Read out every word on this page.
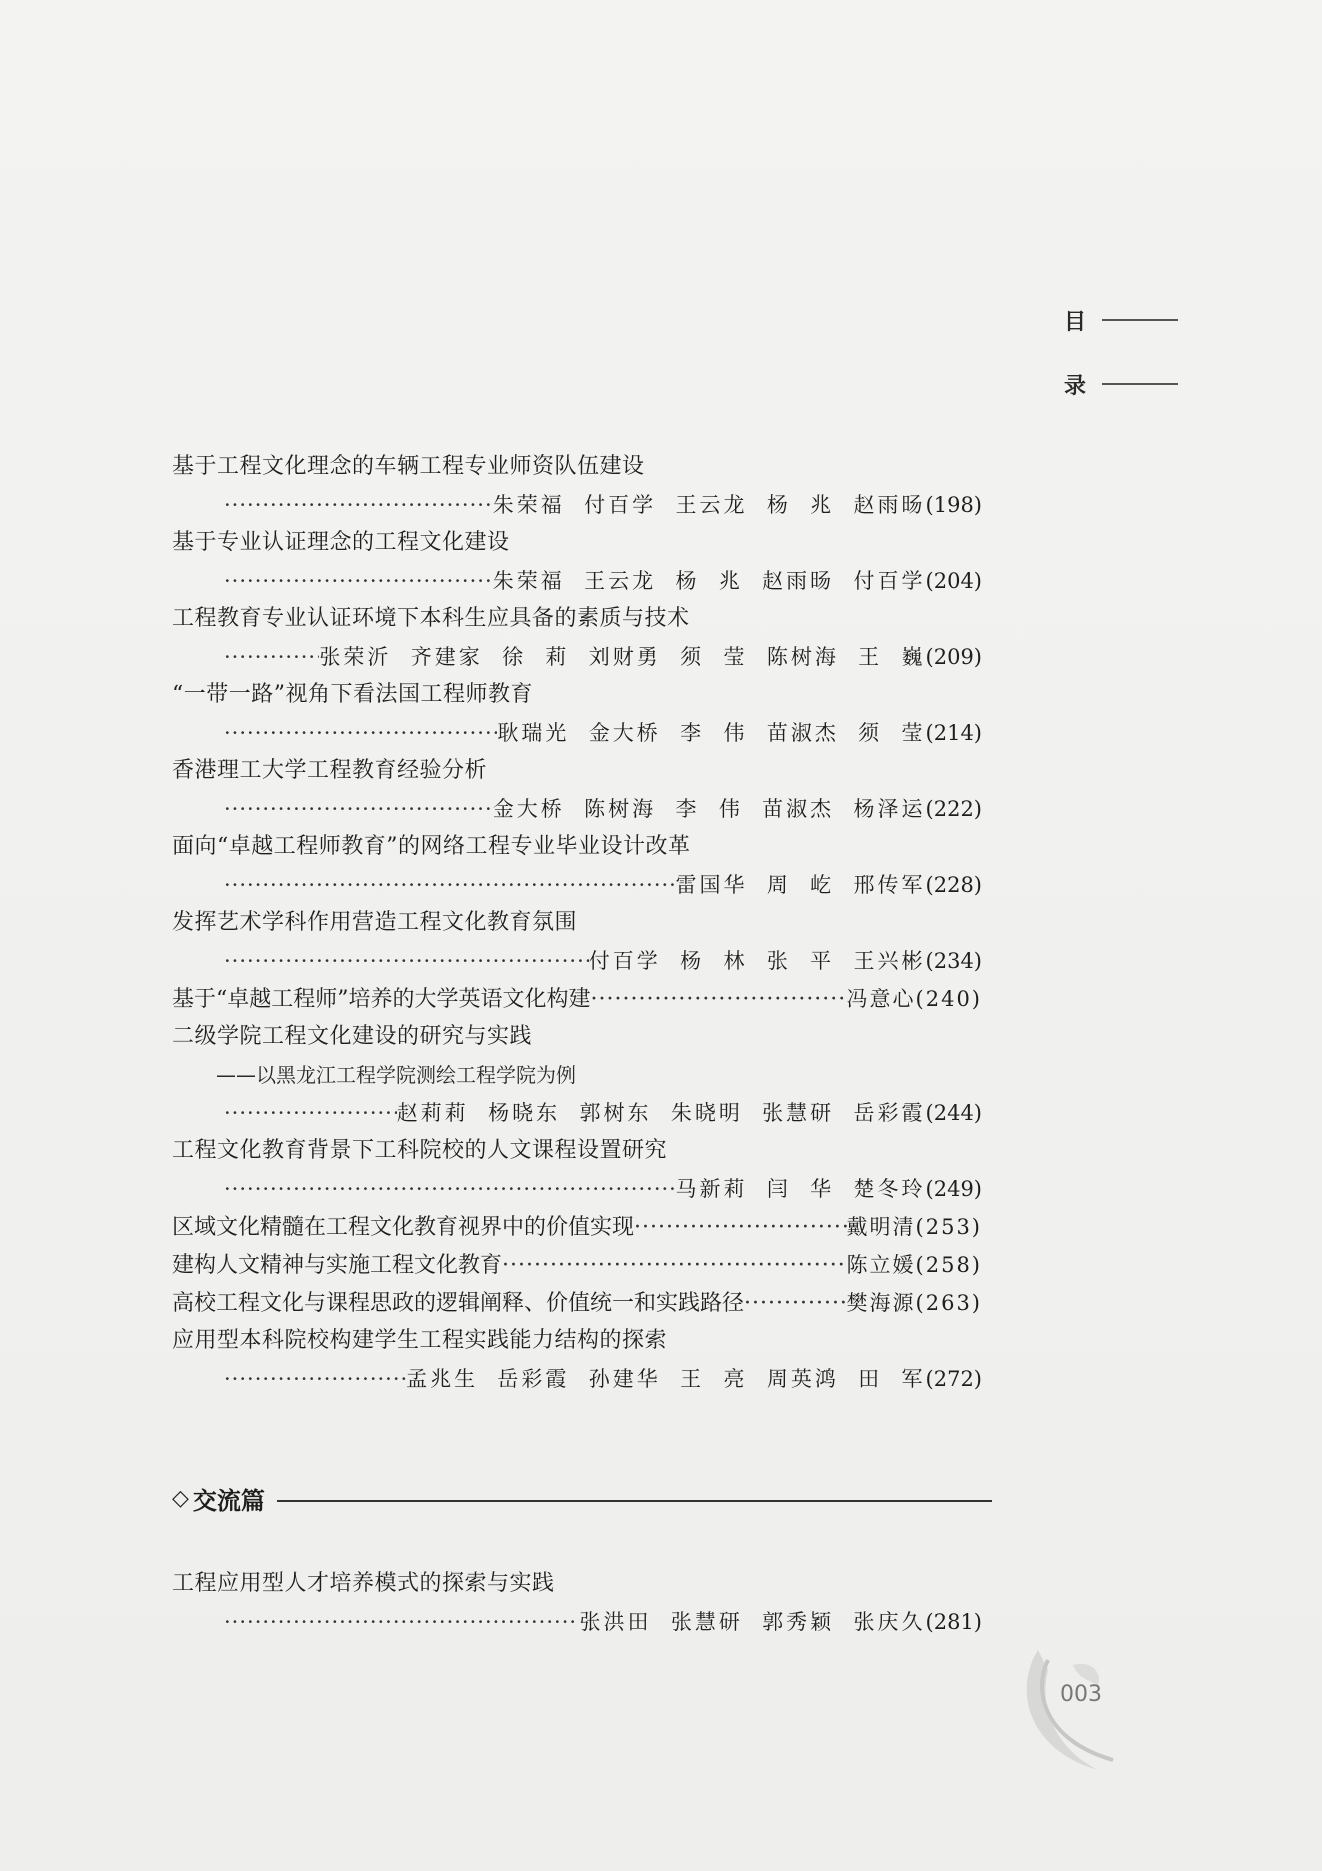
目
录
基于工程文化理念的车辆工程专业师资队伍建设
·····
朱荣福  付百学  王云龙  杨  兆  赵雨旸 (198)
基于专业认证理念的工程文化建设
·····
朱荣福  王云龙  杨  兆  赵雨旸  付百学 (204)
工程教育专业认证环境下本科生应具备的素质与技术
·····
张荣沂  齐建家  徐  莉  刘财勇  须  莹  陈树海  王  巍 (209)
“一带一路”视角下看法国工程师教育
·····
耿瑞光  金大桥  李  伟  苗淑杰  须  莹 (214)
香港理工大学工程教育经验分析
·····
金大桥  陈树海  李  伟  苗淑杰  杨泽运 (222)
面向“卓越工程师教育”的网络工程专业毕业设计改革
·····
雷国华  周  屹  邢传军 (228)
发挥艺术学科作用营造工程文化教育氛围
·····
付百学  杨  林  张  平  王兴彬 (234)
基于“卓越工程师”培养的大学英语文化构建 ·····	冯意心 (240)
二级学院工程文化建设的研究与实践
——以黑龙江工程学院测绘工程学院为例
·····
赵莉莉  杨晓东  郭树东  朱晓明  张慧研  岳彩霞 (244)
工程文化教育背景下工科院校的人文课程设置研究
·····
马新莉  闫  华  楚冬玲 (249)
区域文化精髓在工程文化教育视界中的价值实现 ·····	戴明清 (253)
建构人文精神与实施工程文化教育 ·····	陈立媛 (258)
高校工程文化与课程思政的逻辑阐释、价值统一和实践路径 ·····	樊海源 (263)
应用型本科院校构建学生工程实践能力结构的探索
·····
孟兆生  岳彩霞  孙建华  王  亮  周英鸿  田  军 (272)
◇ 交流篇
工程应用型人才培养模式的探索与实践
·····
张洪田  张慧研  郭秀颖  张庆久 (281)
003
